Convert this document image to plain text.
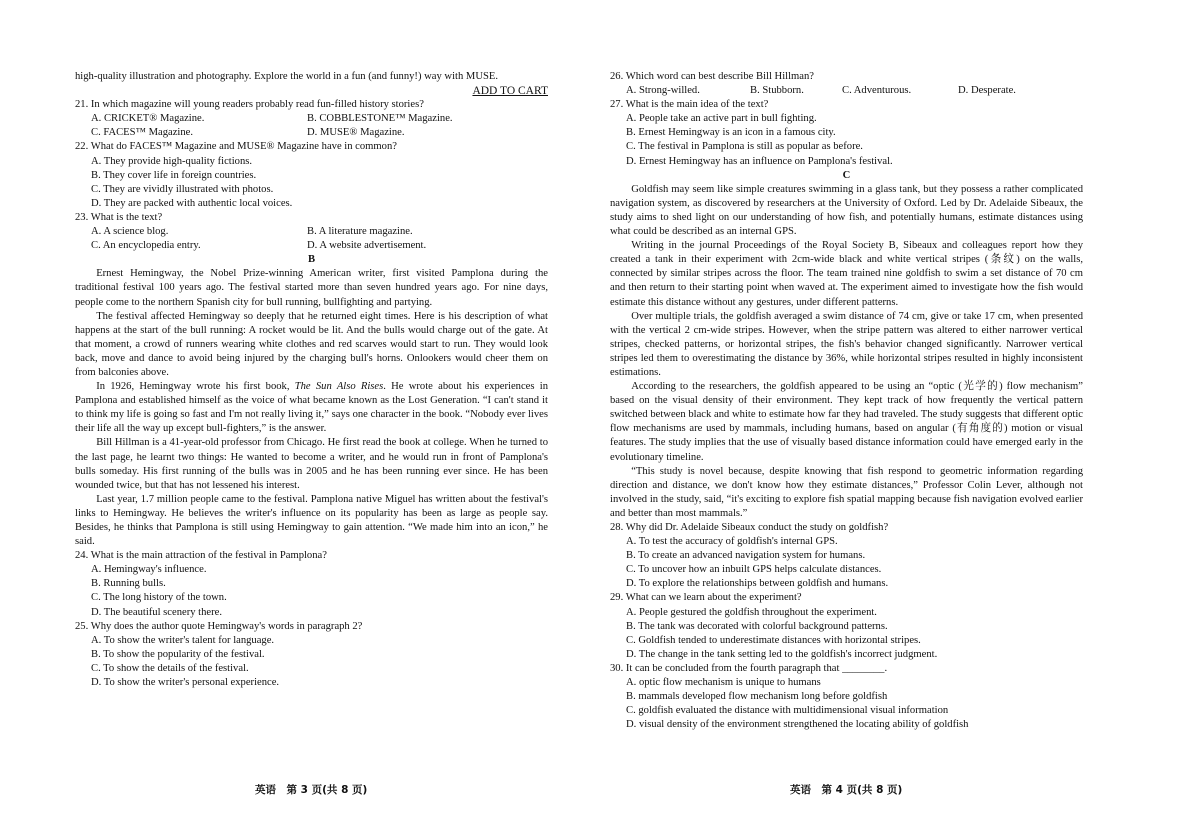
high-quality illustration and photography. Explore the world in a fun (and funny!) way with MUSE.

ADD TO CART

21. In which magazine will young readers probably read fun-filled history stories?

A. CRICKET® Magazine.	B. COBBLESTONE™ Magazine.
C. FACES™ Magazine.	D. MUSE® Magazine.

22. What do FACES™ Magazine and MUSE® Magazine have in common?

A. They provide high-quality fictions.

B. They cover life in foreign countries.

C. They are vividly illustrated with photos.

D. They are packed with authentic local voices.

23. What is the text?

A. A science blog.	B. A literature magazine.
C. An encyclopedia entry.	D. A website advertisement.

B

Ernest Hemingway, the Nobel Prize-winning American writer, first visited Pamplona during the traditional festival 100 years ago. The festival started more than seven hundred years ago. For nine days, people come to the northern Spanish city for bull running, bullfighting and partying.

The festival affected Hemingway so deeply that he returned eight times. Here is his description of what happens at the start of the bull running: A rocket would be lit. And the bulls would charge out of the gate. At that moment, a crowd of runners wearing white clothes and red scarves would start to run. They would look back, move and dance to avoid being injured by the charging bull's horns. Onlookers would cheer them on from balconies above.

In 1926, Hemingway wrote his first book, The Sun Also Rises. He wrote about his experiences in Pamplona and established himself as the voice of what became known as the Lost Generation. “I can't stand it to think my life is going so fast and I'm not really living it,” says one character in the book. “Nobody ever lives their life all the way up except bull-fighters,” is the answer.

Bill Hillman is a 41-year-old professor from Chicago. He first read the book at college. When he turned to the last page, he learnt two things: He wanted to become a writer, and he would run in front of Pamplona's bulls someday. His first running of the bulls was in 2005 and he has been running ever since. He has been wounded twice, but that has not lessened his interest.

Last year, 1.7 million people came to the festival. Pamplona native Miguel has written about the festival's links to Hemingway. He believes the writer's influence on its popularity has been as large as people say. Besides, he thinks that Pamplona is still using Hemingway to gain attention. “We made him into an icon,” he said.

24. What is the main attraction of the festival in Pamplona?

A. Hemingway's influence.

B. Running bulls.

C. The long history of the town.

D. The beautiful scenery there.

25. Why does the author quote Hemingway's words in paragraph 2?

A. To show the writer's talent for language.

B. To show the popularity of the festival.

C. To show the details of the festival.

D. To show the writer's personal experience.

26. Which word can best describe Bill Hillman?

A. Strong-willed.	B. Stubborn.	C. Adventurous.	D. Desperate.

27. What is the main idea of the text?

A. People take an active part in bull fighting.

B. Ernest Hemingway is an icon in a famous city.

C. The festival in Pamplona is still as popular as before.

D. Ernest Hemingway has an influence on Pamplona's festival.

C

Goldfish may seem like simple creatures swimming in a glass tank, but they possess a rather complicated navigation system, as discovered by researchers at the University of Oxford. Led by Dr. Adelaide Sibeaux, the study aims to shed light on our understanding of how fish, and potentially humans, estimate distances using what could be described as an internal GPS.

Writing in the journal Proceedings of the Royal Society B, Sibeaux and colleagues report how they created a tank in their experiment with 2cm-wide black and white vertical stripes (条纹) on the walls, connected by similar stripes across the floor. The team trained nine goldfish to swim a set distance of 70 cm and then return to their starting point when waved at. The experiment aimed to investigate how the fish would estimate this distance without any gestures, under different patterns.

Over multiple trials, the goldfish averaged a swim distance of 74 cm, give or take 17 cm, when presented with the vertical 2 cm-wide stripes. However, when the stripe pattern was altered to either narrower vertical stripes, checked patterns, or horizontal stripes, the fish's behavior changed significantly. Narrower vertical stripes led them to overestimating the distance by 36%, while horizontal stripes resulted in highly inconsistent estimations.

According to the researchers, the goldfish appeared to be using an “optic (光学的) flow mechanism” based on the visual density of their environment. They kept track of how frequently the vertical pattern switched between black and white to estimate how far they had traveled. The study suggests that different optic flow mechanisms are used by mammals, including humans, based on angular (有角度的) motion or visual features. The study implies that the use of visually based distance information could have emerged early in the evolutionary timeline.

“This study is novel because, despite knowing that fish respond to geometric information regarding direction and distance, we don't know how they estimate distances,” Professor Colin Lever, although not involved in the study, said, “it's exciting to explore fish spatial mapping because fish navigation evolved earlier and better than most mammals.”

28. Why did Dr. Adelaide Sibeaux conduct the study on goldfish?

A. To test the accuracy of goldfish's internal GPS.

B. To create an advanced navigation system for humans.

C. To uncover how an inbuilt GPS helps calculate distances.

D. To explore the relationships between goldfish and humans.

29. What can we learn about the experiment?

A. People gestured the goldfish throughout the experiment.

B. The tank was decorated with colorful background patterns.

C. Goldfish tended to underestimate distances with horizontal stripes.

D. The change in the tank setting led to the goldfish's incorrect judgment.

30. It can be concluded from the fourth paragraph that ________.

A. optic flow mechanism is unique to humans

B. mammals developed flow mechanism long before goldfish

C. goldfish evaluated the distance with multidimensional visual information

D. visual density of the environment strengthened the locating ability of goldfish

英语　第 3 页(共 8 页)	英语　第 4 页(共 8 页)
